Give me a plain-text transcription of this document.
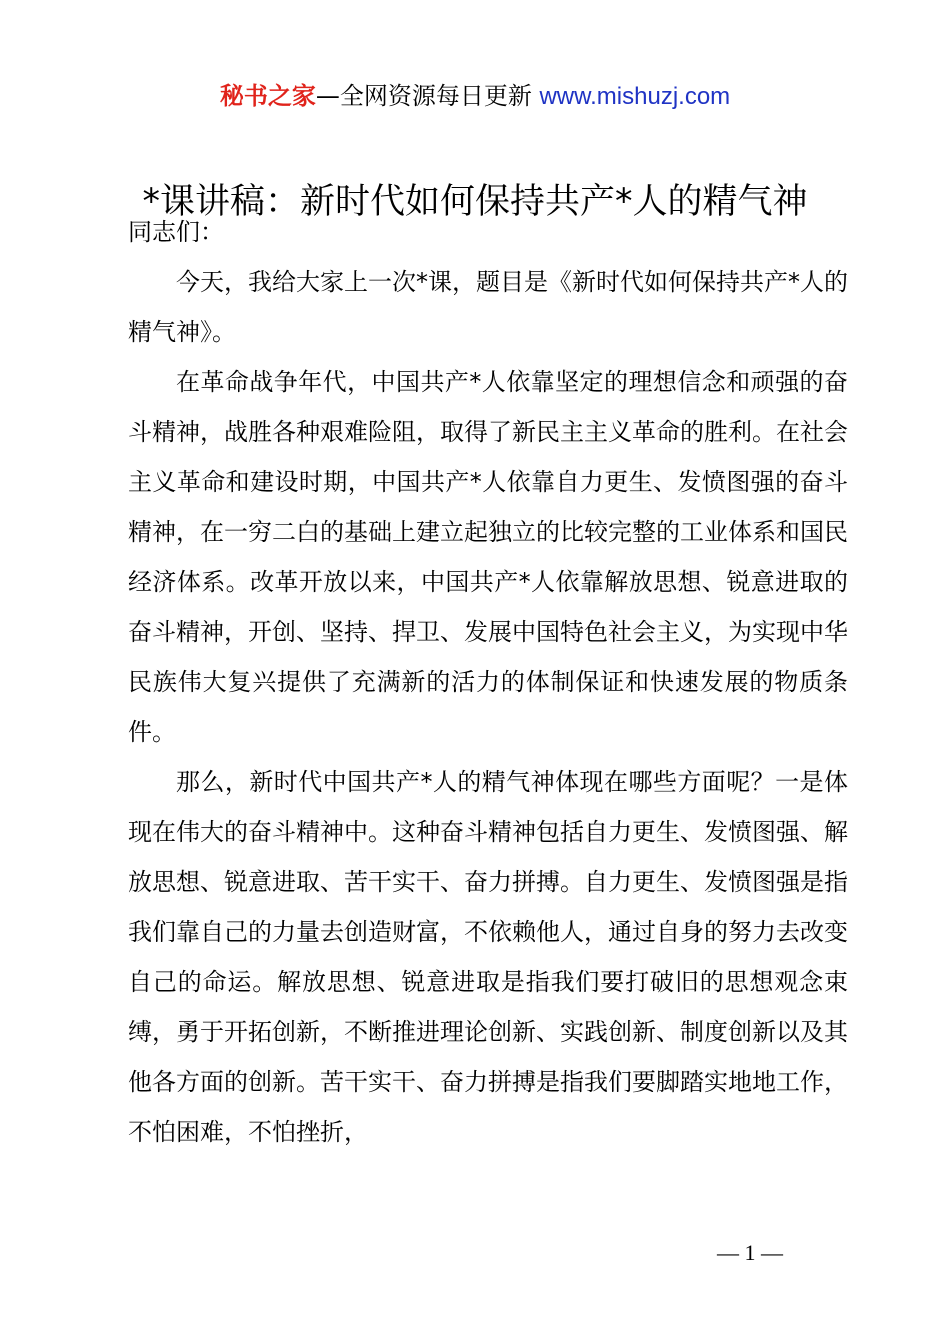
秘书之家—全网资源每日更新 www.mishuzj.com
*课讲稿：新时代如何保持共产*人的精气神

同志们：

今天，我给大家上一次*课，题目是《新时代如何保持共产*人的精气神》。

在革命战争年代，中国共产*人依靠坚定的理想信念和顽强的奋斗精神，战胜各种艰难险阻，取得了新民主主义革命的胜利。在社会主义革命和建设时期，中国共产*人依靠自力更生、发愤图强的奋斗精神，在一穷二白的基础上建立起独立的比较完整的工业体系和国民经济体系。改革开放以来，中国共产*人依靠解放思想、锐意进取的奋斗精神，开创、坚持、捍卫、发展中国特色社会主义，为实现中华民族伟大复兴提供了充满新的活力的体制保证和快速发展的物质条件。

那么，新时代中国共产*人的精气神体现在哪些方面呢？一是体现在伟大的奋斗精神中。这种奋斗精神包括自力更生、发愤图强、解放思想、锐意进取、苦干实干、奋力拼搏。自力更生、发愤图强是指我们靠自己的力量去创造财富，不依赖他人，通过自身的努力去改变自己的命运。解放思想、锐意进取是指我们要打破旧的思想观念束缚，勇于开拓创新，不断推进理论创新、实践创新、制度创新以及其他各方面的创新。苦干实干、奋力拼搏是指我们要脚踏实地地工作，不怕困难，不怕挫折，

— 1 —
